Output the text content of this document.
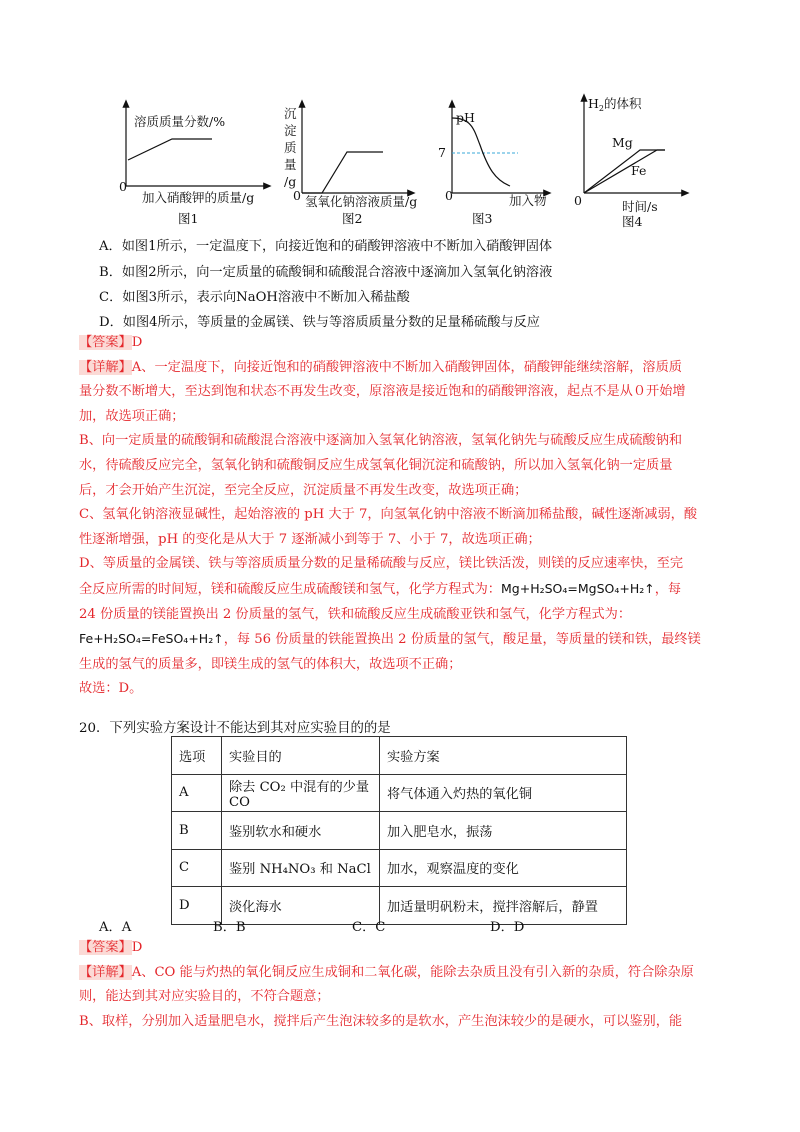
溶质质量分数/%
0
加入硝酸钾的质量/g
图1
沉
淀
质
量
/g
0 氢氧化钠溶液质量/g
图2
pH
7
0	加入物
图3
$H_2$的体积
Mg
Fe
0	时间/s
图4
A．如图1所示，一定温度下，向接近饱和的硝酸钾溶液中不断加入硝酸钾固体
B．如图2所示，向一定质量的硫酸铜和硫酸混合溶液中逐滴加入氢氧化钠溶液
C．如图3所示，表示向NaOH溶液中不断加入稀盐酸
D．如图4所示，等质量的金属镁、铁与等溶质质量分数的足量稀硫酸与反应
【答案】D
【详解】A、一定温度下，向接近饱和的硝酸钾溶液中不断加入硝酸钾固体，硝酸钾能继续溶解，溶质质
量分数不断增大，至达到饱和状态不再发生改变，原溶液是接近饱和的硝酸钾溶液，起点不是从０开始增
加，故选项正确；
B、向一定质量的硫酸铜和硫酸混合溶液中逐滴加入氢氧化钠溶液，氢氧化钠先与硫酸反应生成硫酸钠和
水，待硫酸反应完全，氢氧化钠和硫酸铜反应生成氢氧化铜沉淀和硫酸钠，所以加入氢氧化钠一定质量
后，才会开始产生沉淀，至完全反应，沉淀质量不再发生改变，故选项正确；
C、氢氧化钠溶液显碱性，起始溶液的 pH 大于 7，向氢氧化钠中溶液不断滴加稀盐酸，碱性逐渐减弱，酸
性逐渐增强，pH 的变化是从大于 7 逐渐减小到等于 7、小于 7，故选项正确；
D、等质量的金属镁、铁与等溶质质量分数的足量稀硫酸与反应，镁比铁活泼，则镁的反应速率快，至完
全反应所需的时间短，镁和硫酸反应生成硫酸镁和氢气，化学方程式为：Mg+H₂SO₄=MgSO₄+H₂↑，每
24 份质量的镁能置换出 2 份质量的氢气，铁和硫酸反应生成硫酸亚铁和氢气，化学方程式为：
Fe+H₂SO₄=FeSO₄+H₂↑，每 56 份质量的铁能置换出 2 份质量的氢气，酸足量，等质量的镁和铁，最终镁
生成的氢气的质量多，即镁生成的氢气的体积大，故选项不正确；
故选：D。
20．下列实验方案设计不能达到其对应实验目的的是
选项	实验目的	实验方案
A	除去 CO₂ 中混有的少量 CO	将气体通入灼热的氧化铜
B	鉴别软水和硬水	加入肥皂水，振荡
C	鉴别 NH₄NO₃ 和 NaCl	加水，观察温度的变化
D	淡化海水	加适量明矾粉末，搅拌溶解后，静置
A．A	B．B	C．C	D．D
【答案】D
【详解】A、CO 能与灼热的氧化铜反应生成铜和二氧化碳，能除去杂质且没有引入新的杂质，符合除杂原
则，能达到其对应实验目的，不符合题意；
B、取样，分别加入适量肥皂水，搅拌后产生泡沫较多的是软水，产生泡沫较少的是硬水，可以鉴别，能
